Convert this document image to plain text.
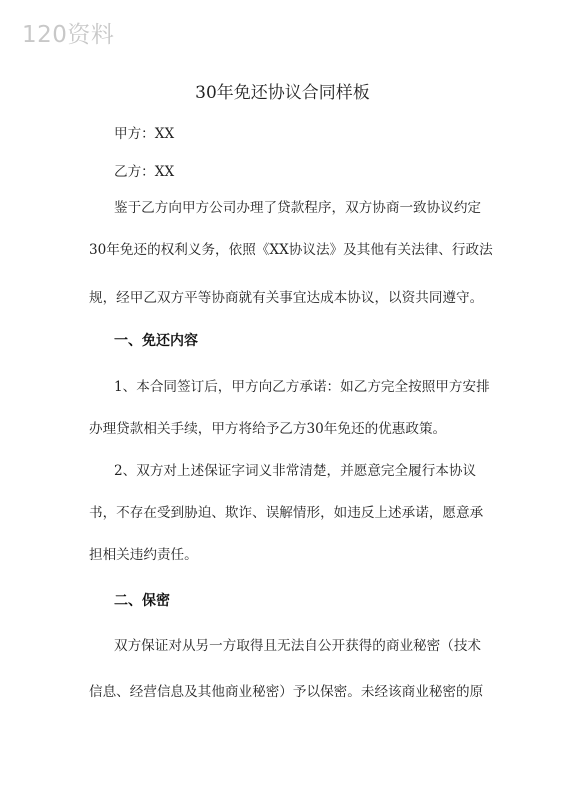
120资料
30年免还协议合同样板
甲方：XX
乙方：XX
鉴于乙方向甲方公司办理了贷款程序，双方协商一致协议约定
30年免还的权利义务，依照《XX协议法》及其他有关法律、行政法
规，经甲乙双方平等协商就有关事宜达成本协议，以资共同遵守。
一、免还内容
1、本合同签订后，甲方向乙方承诺：如乙方完全按照甲方安排
办理贷款相关手续，甲方将给予乙方30年免还的优惠政策。
2、双方对上述保证字词义非常清楚，并愿意完全履行本协议
书，不存在受到胁迫、欺诈、误解情形，如违反上述承诺，愿意承
担相关违约责任。
二、保密
双方保证对从另一方取得且无法自公开获得的商业秘密（技术
信息、经营信息及其他商业秘密）予以保密。未经该商业秘密的原
